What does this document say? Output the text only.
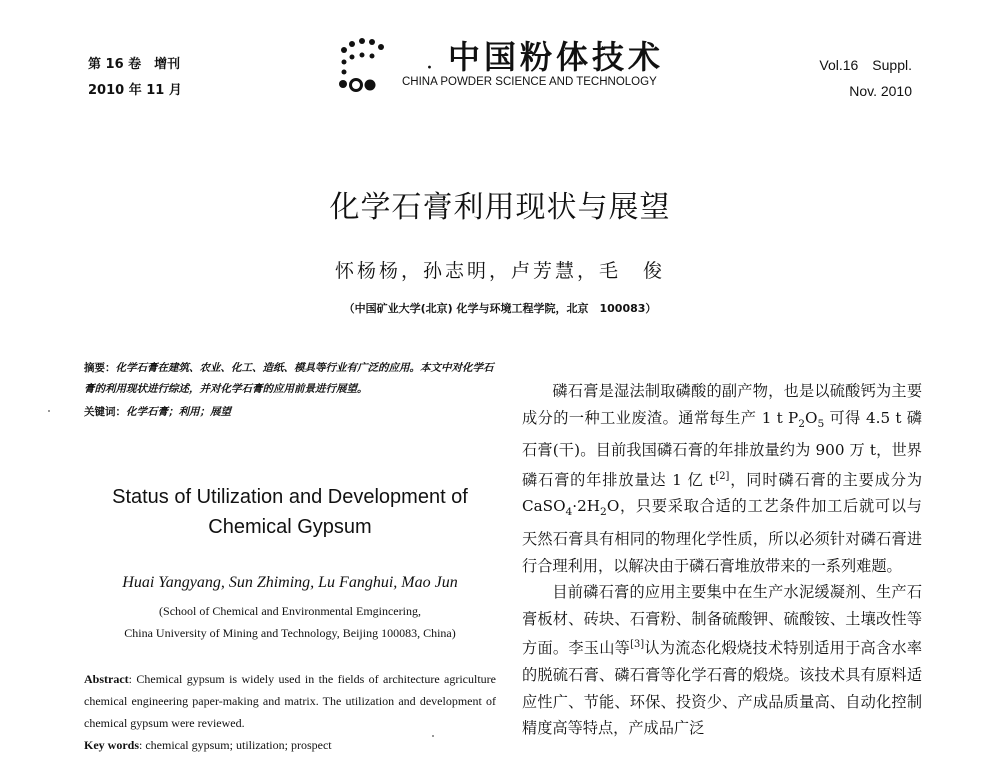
第 16 卷　增刊
2010 年 11 月
· 中国粉体技术
CHINA POWDER SCIENCE AND TECHNOLOGY
Vol.16　Suppl.
Nov. 2010
化学石膏利用现状与展望
怀杨杨，孙志明，卢芳慧，毛　俊
（中国矿业大学(北京) 化学与环境工程学院，北京　100083）
摘要：化学石膏在建筑、农业、化工、造纸、模具等行业有广泛的应用。本文中对化学石膏的利用现状进行综述，并对化学石膏的应用前景进行展望。
关键词：化学石膏；利用；展望
Status of Utilization and Development of Chemical Gypsum
Huai Yangyang, Sun Zhiming, Lu Fanghui, Mao Jun
(School of Chemical and Environmental Emgincering,
China University of Mining and Technology, Beijing 100083, China)
Abstract: Chemical gypsum is widely used in the fields of architecture agriculture chemical engineering paper-making and matrix. The utilization and development of chemical gypsum were reviewed.
Key words: chemical gypsum; utilization; prospect

磷石膏是湿法制取磷酸的副产物，也是以硫酸钙为主要成分的一种工业废渣。通常每生产 1 t $P_2O_5$ 可得 4.5 t 磷石膏(干)。目前我国磷石膏的年排放量约为 900 万 t，世界磷石膏的年排放量达 1 亿 t[2]，同时磷石膏的主要成分为 $CaSO_4\cdot 2H_2O$，只要采取合适的工艺条件加工后就可以与天然石膏具有相同的物理化学性质，所以必须针对磷石膏进行合理利用，以解决由于磷石膏堆放带来的一系列难题。

目前磷石膏的应用主要集中在生产水泥缓凝剂、生产石膏板材、砖块、石膏粉、制备硫酸钾、硫酸铵、土壤改性等方面。李玉山等[3]认为流态化煅烧技术特别适用于高含水率的脱硫石膏、磷石膏等化学石膏的煅烧。该技术具有原料适应性广、节能、环保、投资少、产成品质量高、自动化控制精度高等特点，产成品广泛
